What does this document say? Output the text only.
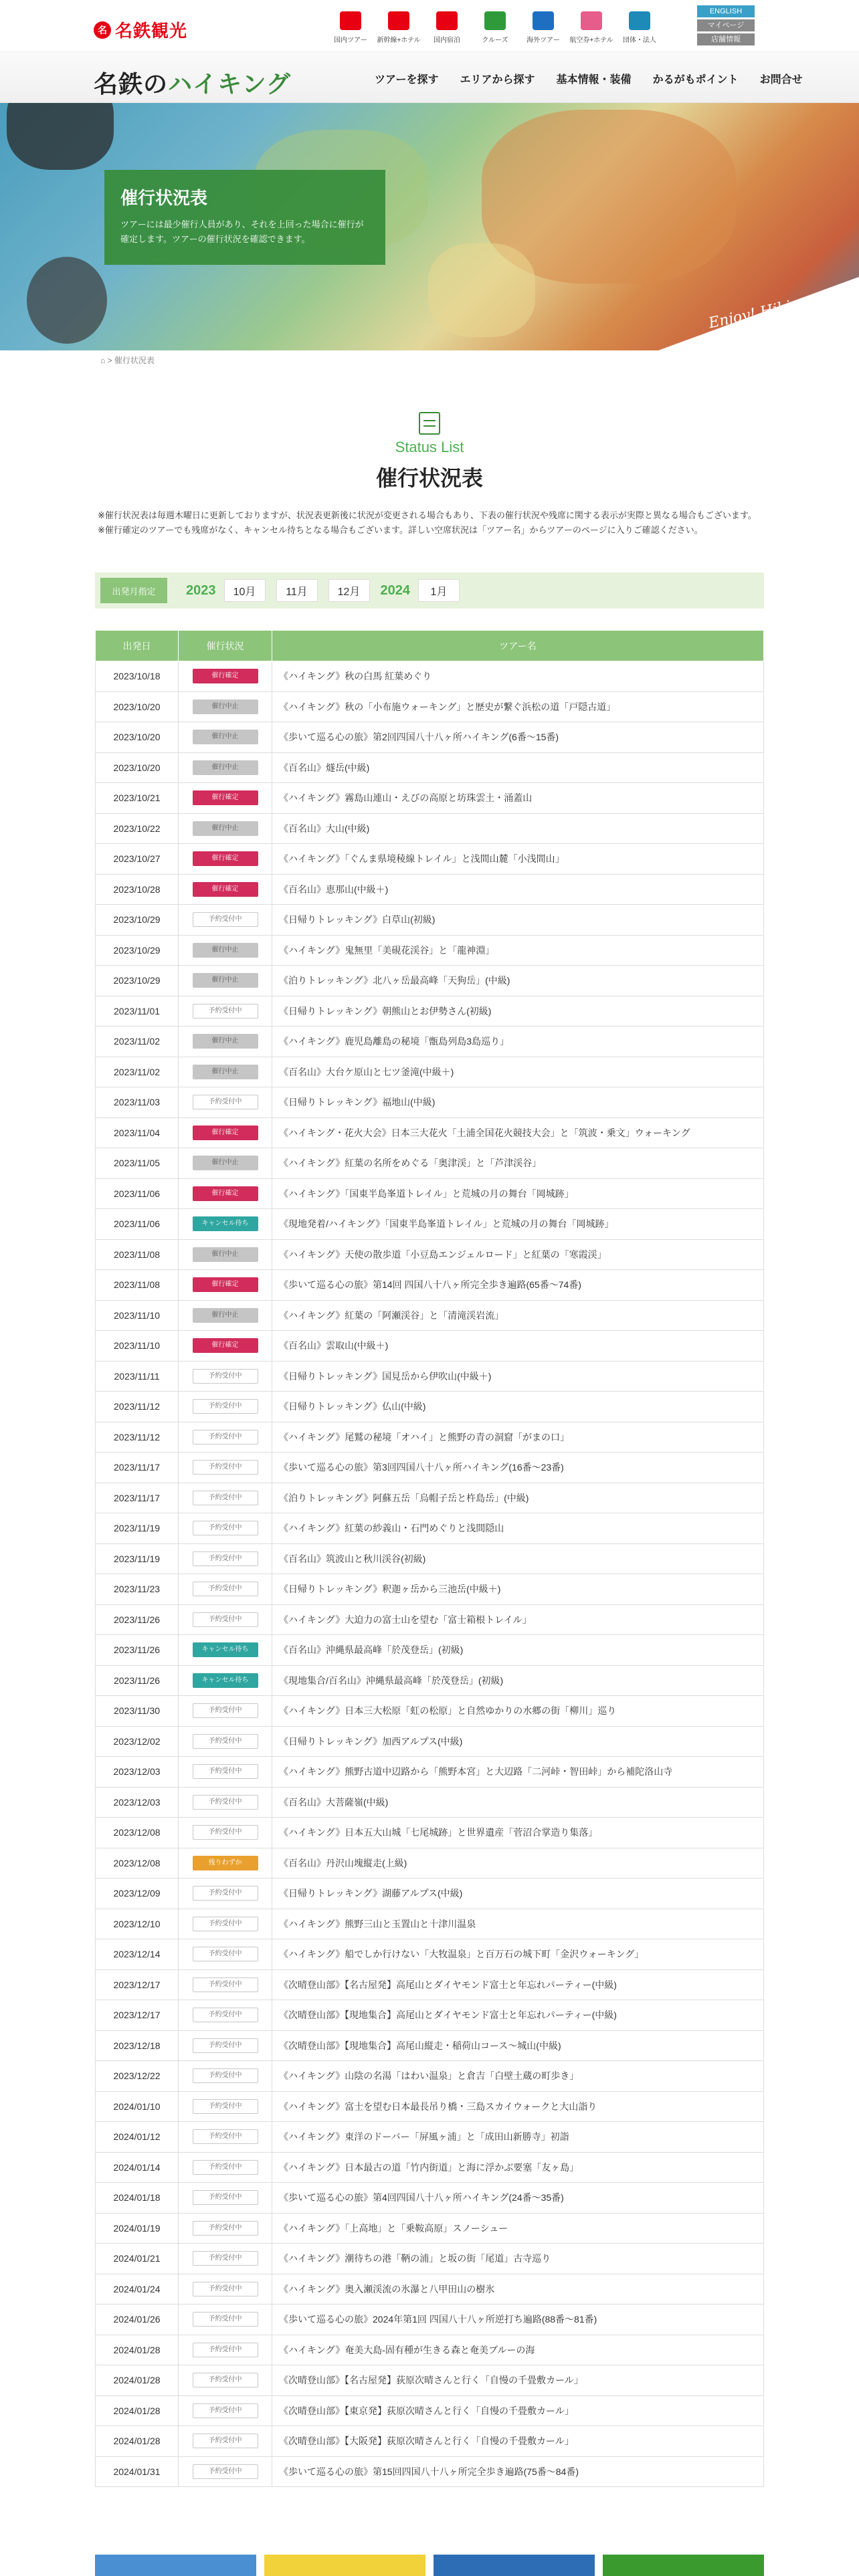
名 名鉄観光	国内ツアー 新幹線+ホテル 国内宿泊	クルーズ	海外ツアー 航空券+ホテル 団体・法人
ENGLISH
マイページ
店舗情報
名鉄のハイキング	ツアーを探す エリアから探す 基本情報・装備 かるがもポイント お問合せ
催行状況表

ツアーには最少催行人員があり、それを上回った場合に催行が確定します。ツアーの催行状況を確認できます。

Enjoy! Hiking & Trekking
⌂ > 催行状況表
Status List
催行状況表

※催行状況表は毎週木曜日に更新しておりますが、状況表更新後に状況が変更される場合もあり、下表の催行状況や残席に関する表示が実際と異なる場合もございます。

※催行確定のツアーでも残席がなく、キャンセル待ちとなる場合もございます。詳しい空席状況は「ツアー名」からツアーのページに入りご確認ください。

出発月指定	2023	10月	11月	12月	2024	1月
出発日	催行状況	ツアー名
2023/10/18	催行確定	《ハイキング》秋の白馬 紅葉めぐり
2023/10/20	催行中止	《ハイキング》秋の「小布施ウォーキング」と歴史が繋ぐ浜松の道「戸隠古道」
2023/10/20	催行中止	《歩いて巡る心の旅》第2回四国八十八ヶ所ハイキング(6番〜15番)
2023/10/20	催行中止	《百名山》燧岳(中級)
2023/10/21	催行確定	《ハイキング》霧島山連山・えびの高原と坊珠雲土・涌蓋山
2023/10/22	催行中止	《百名山》大山(中級)
2023/10/27	催行確定	《ハイキング》「ぐんま県境稜線トレイル」と浅間山麓「小浅間山」
2023/10/28	催行確定	《百名山》恵那山(中級＋)
2023/10/29	予約受付中	《日帰りトレッキング》白草山(初級)
2023/10/29	催行中止	《ハイキング》鬼無里「美硯花渓谷」と「龍神淵」
2023/10/29	催行中止	《泊りトレッキング》北八ヶ岳最高峰「天狗岳」(中級)
2023/11/01	予約受付中	《日帰りトレッキング》朝熊山とお伊勢さん(初級)
2023/11/02	催行中止	《ハイキング》鹿児島離島の秘境「甑島列島3島巡り」
2023/11/02	催行中止	《百名山》大台ケ原山と七ツ釜滝(中級＋)
2023/11/03	予約受付中	《日帰りトレッキング》福地山(中級)
2023/11/04	催行確定	《ハイキング・花火大会》日本三大花火「土浦全国花火競技大会」と「筑波・乗文」ウォーキング
2023/11/05	催行中止	《ハイキング》紅葉の名所をめぐる「奥津渓」と「芦津渓谷」
2023/11/06	催行確定	《ハイキング》「国東半島峯道トレイル」と荒城の月の舞台「岡城跡」
2023/11/06	キャンセル待ち	《現地発着/ハイキング》「国東半島峯道トレイル」と荒城の月の舞台「岡城跡」
2023/11/08	催行中止	《ハイキング》天使の散歩道「小豆島エンジェルロード」と紅葉の「寒霞渓」
2023/11/08	催行確定	《歩いて巡る心の旅》第14回 四国八十八ヶ所完全歩き遍路(65番〜74番)
2023/11/10	催行中止	《ハイキング》紅葉の「阿瀬渓谷」と「清滝渓岩流」
2023/11/10	催行確定	《百名山》雲取山(中級＋)
2023/11/11	予約受付中	《日帰りトレッキング》国見岳から伊吹山(中級＋)
2023/11/12	予約受付中	《日帰りトレッキング》仏山(中級)
2023/11/12	予約受付中	《ハイキング》尾鷲の秘境「オハイ」と熊野の青の洞窟「がまの口」
2023/11/17	予約受付中	《歩いて巡る心の旅》第3回四国八十八ヶ所ハイキング(16番〜23番)
2023/11/17	予約受付中	《泊りトレッキング》阿蘇五岳「烏帽子岳と杵島岳」(中級)
2023/11/19	予約受付中	《ハイキング》紅葉の紗義山・石門めぐりと浅間隠山
2023/11/19	予約受付中	《百名山》筑波山と秋川渓谷(初級)
2023/11/23	予約受付中	《日帰りトレッキング》釈迦ヶ岳から三池岳(中級＋)
2023/11/26	予約受付中	《ハイキング》大迫力の富士山を望む「富士箱根トレイル」
2023/11/26	キャンセル待ち	《百名山》沖縄県最高峰「於茂登岳」(初級)
2023/11/26	キャンセル待ち	《現地集合/百名山》沖縄県最高峰「於茂登岳」(初級)
2023/11/30	予約受付中	《ハイキング》日本三大松原「虹の松原」と自然ゆかりの水郷の街「柳川」巡り
2023/12/02	予約受付中	《日帰りトレッキング》加西アルプス(中級)
2023/12/03	予約受付中	《ハイキング》熊野古道中辺路から「熊野本宮」と大辺路「二河峠・智田峠」から補陀洛山寺
2023/12/03	予約受付中	《百名山》大菩薩嶺(中級)
2023/12/08	予約受付中	《ハイキング》日本五大山城「七尾城跡」と世界遺産「菅沼合掌造り集落」
2023/12/08	残りわずか	《百名山》丹沢山塊縦走(上級)
2023/12/09	予約受付中	《日帰りトレッキング》湖藤アルプス(中級)
2023/12/10	予約受付中	《ハイキング》熊野三山と玉置山と十津川温泉
2023/12/14	予約受付中	《ハイキング》船でしか行けない「大牧温泉」と百万石の城下町「金沢ウォーキング」
2023/12/17	予約受付中	《次晴登山部》【名古屋発】高尾山とダイヤモンド富士と年忘れパーティー(中級)
2023/12/17	予約受付中	《次晴登山部》【現地集合】高尾山とダイヤモンド富士と年忘れパーティー(中級)
2023/12/18	予約受付中	《次晴登山部》【現地集合】高尾山縦走・稲荷山コース〜城山(中級)
2023/12/22	予約受付中	《ハイキング》山陰の名湯「はわい温泉」と倉吉「白壁土蔵の町歩き」
2024/01/10	予約受付中	《ハイキング》富士を望む日本最長吊り橋・三島スカイウォークと大山詣り
2024/01/12	予約受付中	《ハイキング》東洋のドーバー「屏風ヶ浦」と「成田山新勝寺」初詣
2024/01/14	予約受付中	《ハイキング》日本最古の道「竹内街道」と海に浮かぶ要塞「友ヶ島」
2024/01/18	予約受付中	《歩いて巡る心の旅》第4回四国八十八ヶ所ハイキング(24番〜35番)
2024/01/19	予約受付中	《ハイキング》「上高地」と「乗鞍高原」スノーシュー
2024/01/21	予約受付中	《ハイキング》潮待ちの港「鞆の浦」と坂の街「尾道」古寺巡り
2024/01/24	予約受付中	《ハイキング》奥入瀬渓流の氷瀑と八甲田山の樹氷
2024/01/26	予約受付中	《歩いて巡る心の旅》2024年第1回 四国八十八ヶ所逆打ち遍路(88番〜81番)
2024/01/28	予約受付中	《ハイキング》奄美大島-固有種が生きる森と奄美ブルーの海
2024/01/28	予約受付中	《次晴登山部》【名古屋発】荻原次晴さんと行く「自慢の千畳敷カール」
2024/01/28	予約受付中	《次晴登山部》【東京発】荻原次晴さんと行く「自慢の千畳敷カール」
2024/01/28	予約受付中	《次晴登山部》【大阪発】荻原次晴さんと行く「自慢の千畳敷カール」
2024/01/31	予約受付中	《歩いて巡る心の旅》第15回四国八十八ヶ所完全歩き遍路(75番〜84番)
